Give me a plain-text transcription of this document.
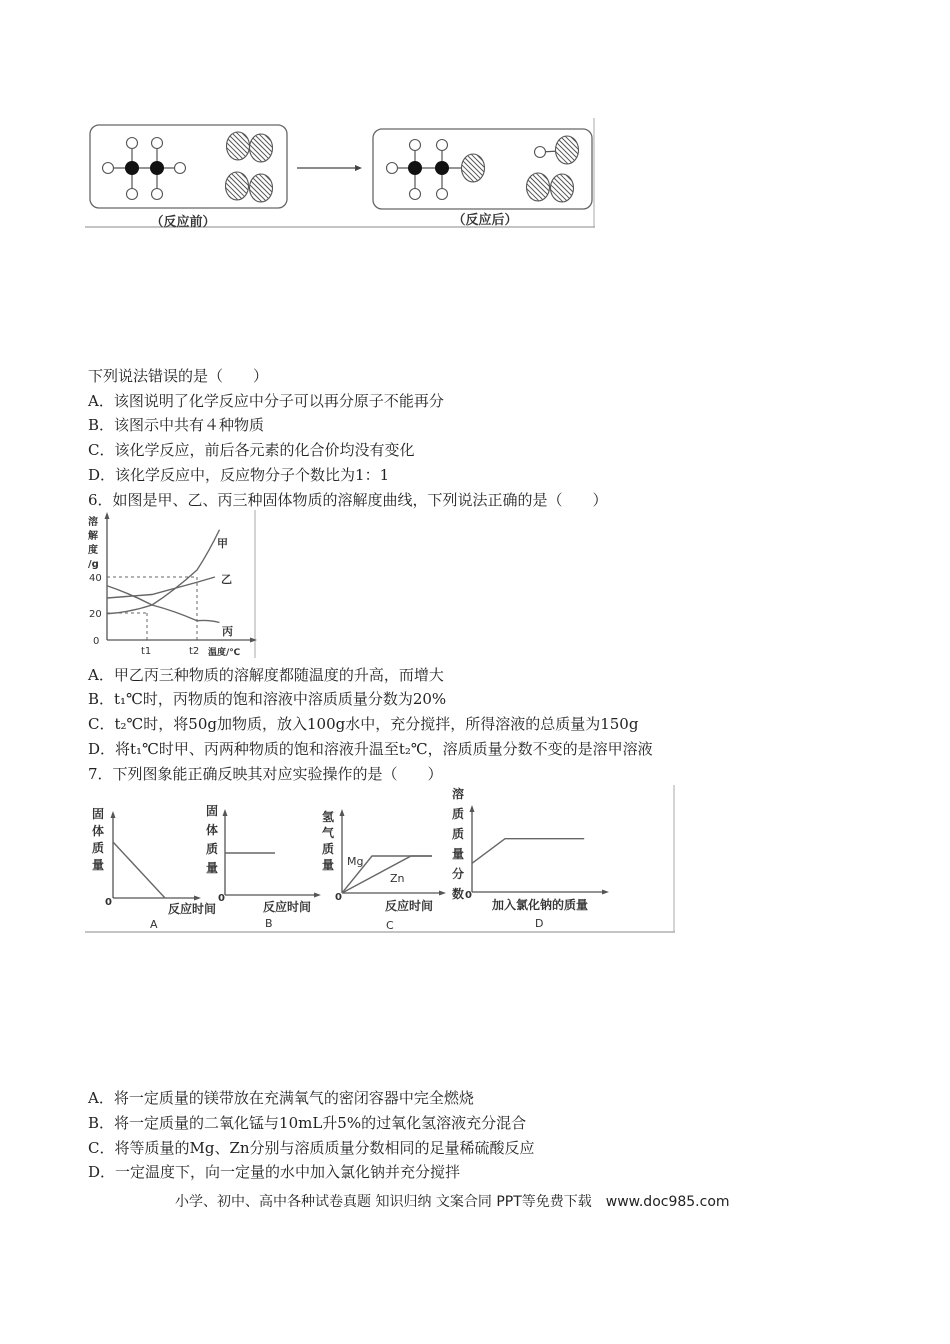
（反应前）	（反应后）
下列说法错误的是（　　）
A．该图说明了化学反应中分子可以再分原子不能再分
B．该图示中共有４种物质
C．该化学反应，前后各元素的化合价均没有变化
D．该化学反应中，反应物分子个数比为1：1
6．如图是甲、乙、丙三种固体物质的溶解度曲线，下列说法正确的是（　　）
溶
解
度
/g
40
20
0
t1	t2 温度/℃
甲
乙
丙
A．甲乙丙三种物质的溶解度都随温度的升高，而增大
B．t₁℃时，丙物质的饱和溶液中溶质质量分数为20%
C．t₂℃时，将50g加物质，放入100g水中，充分搅拌，所得溶液的总质量为150g
D．将t₁℃时甲、丙两种物质的饱和溶液升温至t₂℃，溶质质量分数不变的是溶甲溶液
7．下列图象能正确反映其对应实验操作的是（　　）
固
体
质
量
反应时间
A
0
固
体
质
量
反应时间
B
0
氢
气
质
量
反应时间
C
0
溶
质
质
量
分
数
加入氯化钠的质量
D
0
Mg
Zn
A．将一定质量的镁带放在充满氧气的密闭容器中完全燃烧
B．将一定质量的二氧化锰与10mL升5%的过氧化氢溶液充分混合
C．将等质量的Mg、Zn分别与溶质质量分数相同的足量稀硫酸反应
D．一定温度下，向一定量的水中加入氯化钠并充分搅拌
小学、初中、高中各种试卷真题 知识归纳 文案合同 PPT等免费下载　www.doc985.com
